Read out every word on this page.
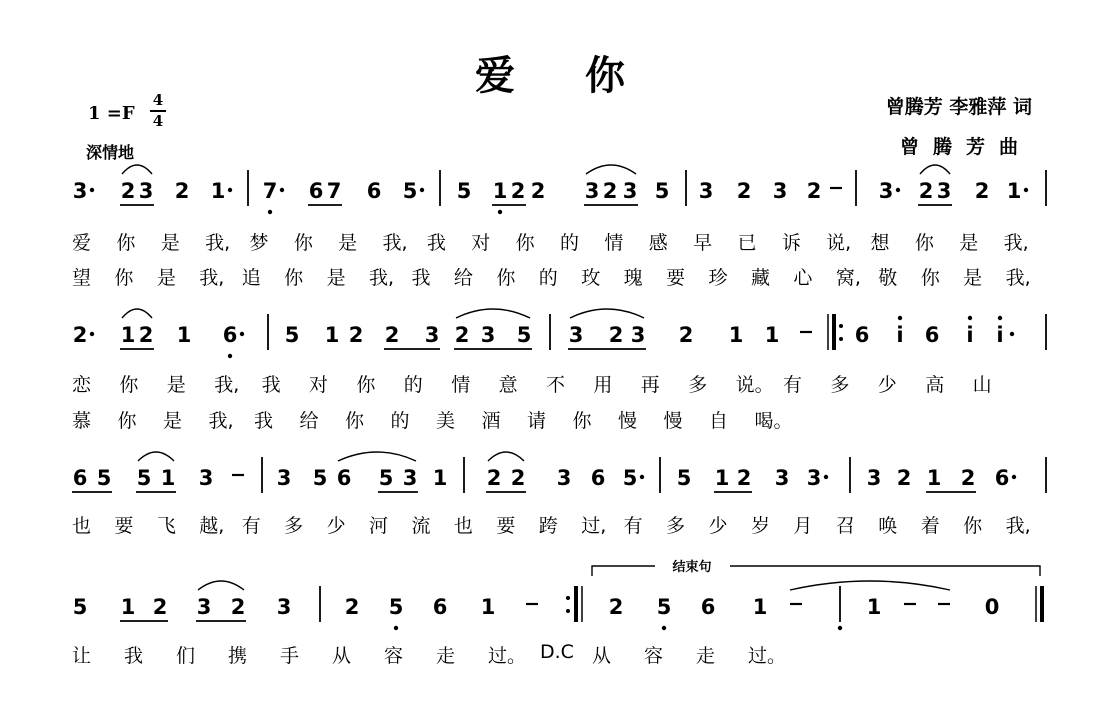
爱你
1 =F
4
4
深情地
曾腾芳 李雅萍 词
曾腾芳曲
3 2 3 2 1 7 6 7 6 5 5 1 2 2 3 2 3 5 3 2 3 2	3 2 3 2 1
2 1 2 1 6 5 1 2 2 3 2 3 5 3 2 3 2 1 1	6 i 6 i i
6 5 5 1 3	3 5 6 5 3 1 2 2 3 6 5 5 1 2 3 3 3 2 1 2 6
5 1 2 3 2 3	2 5 6 1	2 5 6 1	1	0
结束句
爱 你 是 我, 梦 你 是 我, 我 对 你 的 情 感 早 已 诉 说, 想 你 是 我,
望 你 是 我, 追 你 是 我, 我 给 你 的 玫 瑰 要 珍 藏 心 窝, 敬 你 是 我,
恋 你 是 我, 我 对 你 的 情 意 不 用 再 多 说。 有 多 少 高 山
慕 你 是 我, 我 给 你 的 美 酒 请 你 慢 慢 自 喝。
也 要 飞 越, 有 多 少 河 流 也 要 跨 过, 有 多 少 岁 月 召 唤 着 你 我,
让 我 们 携 手 从 容 走 过。 D.C 从 容 走 过。
